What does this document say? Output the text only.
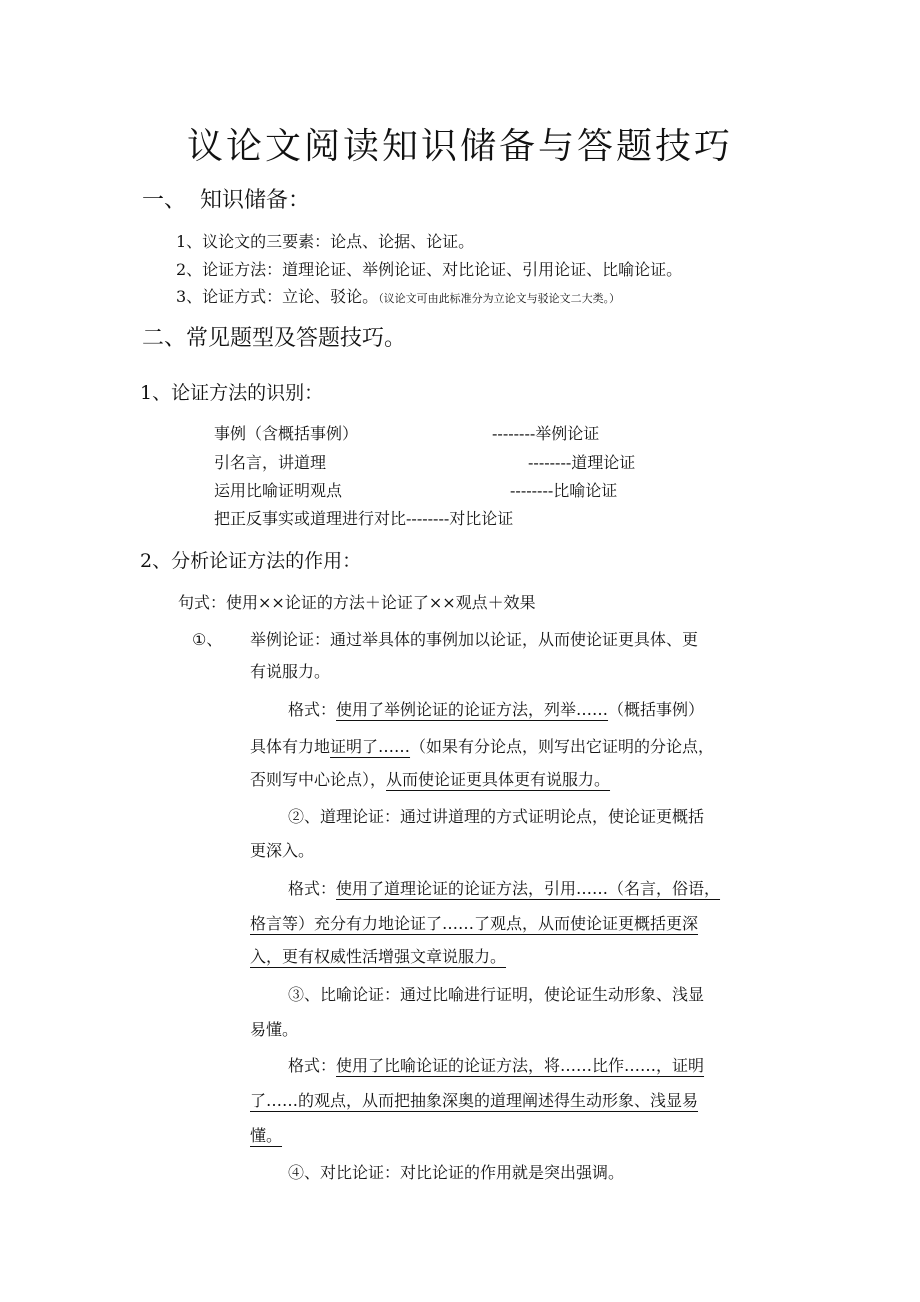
议论文阅读知识储备与答题技巧
一、 知识储备：
1、议论文的三要素：论点、论据、论证。
2、论证方法：道理论证、举例论证、对比论证、引用论证、比喻论证。
3、论证方式：立论、驳论。（议论文可由此标准分为立论文与驳论文二大类。）
二、常见题型及答题技巧。
1、论证方法的识别：
事例（含概括事例）	--------举例论证
引名言，讲道理	--------道理论证
运用比喻证明观点	--------比喻论证
把正反事实或道理进行对比--------对比论证
2、分析论证方法的作用：
句式：使用××论证的方法＋论证了××观点＋效果
①、 举例论证：通过举具体的事例加以论证，从而使论证更具体、更
有说服力。
格式：使用了举例论证的论证方法，列举……（概括事例）
具体有力地证明了……（如果有分论点，则写出它证明的分论点，
否则写中心论点），从而使论证更具体更有说服力。
②、道理论证：通过讲道理的方式证明论点，使论证更概括
更深入。
格式：使用了道理论证的论证方法，引用……（名言，俗语，
格言等）充分有力地论证了……了观点，从而使论证更概括更深
入，更有权威性活增强文章说服力。
③、比喻论证：通过比喻进行证明，使论证生动形象、浅显
易懂。
格式：使用了比喻论证的论证方法，将……比作……，证明
了……的观点，从而把抽象深奥的道理阐述得生动形象、浅显易
懂。
④、对比论证：对比论证的作用就是突出强调。
